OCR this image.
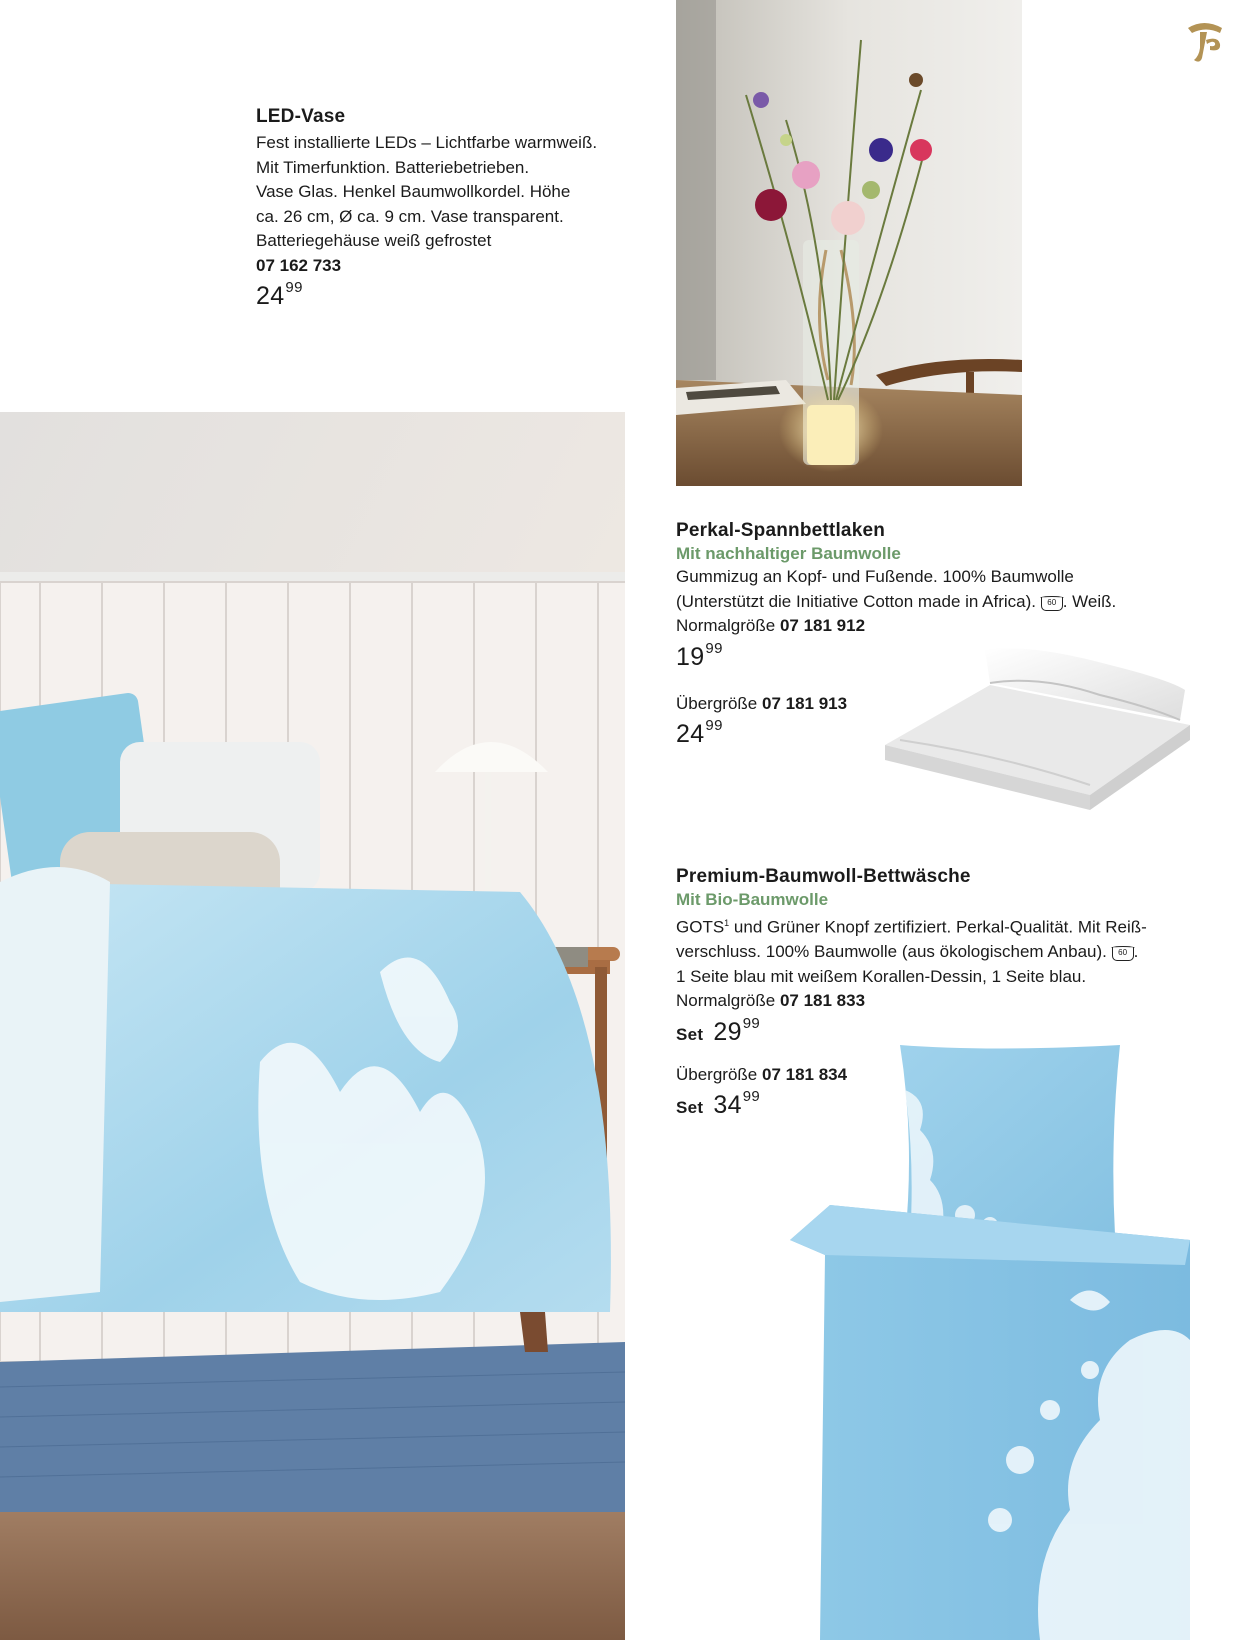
LED-Vase
Fest installierte LEDs – Lichtfarbe warmweiß.
Mit Timerfunktion. Batteriebetrieben.
Vase Glas. Henkel Baumwollkordel. Höhe
ca. 26 cm, Ø ca. 9 cm. Vase transparent.
Batteriegehäuse weiß gefrostet
07 162 733
$24^{99}$
Perkal-Spannbettlaken
Mit nachhaltiger Baumwolle
Gummizug an Kopf- und Fußende. 100% Baumwolle
(Unterstützt die Initiative Cotton made in Africa). 60 . Weiß.
Normalgröße 07 181 912
$19^{99}$
Übergröße 07 181 913
$24^{99}$
Premium-Baumwoll-Bettwäsche
Mit Bio-Baumwolle
GOTS$^1$ und Grüner Knopf zertifiziert. Perkal-Qualität. Mit Reiß-
verschluss. 100% Baumwolle (aus ökologischem Anbau). 60 .
1 Seite blau mit weißem Korallen-Dessin, 1 Seite blau.
Normalgröße 07 181 833
Set $29^{99}$
Übergröße 07 181 834
Set $34^{99}$
